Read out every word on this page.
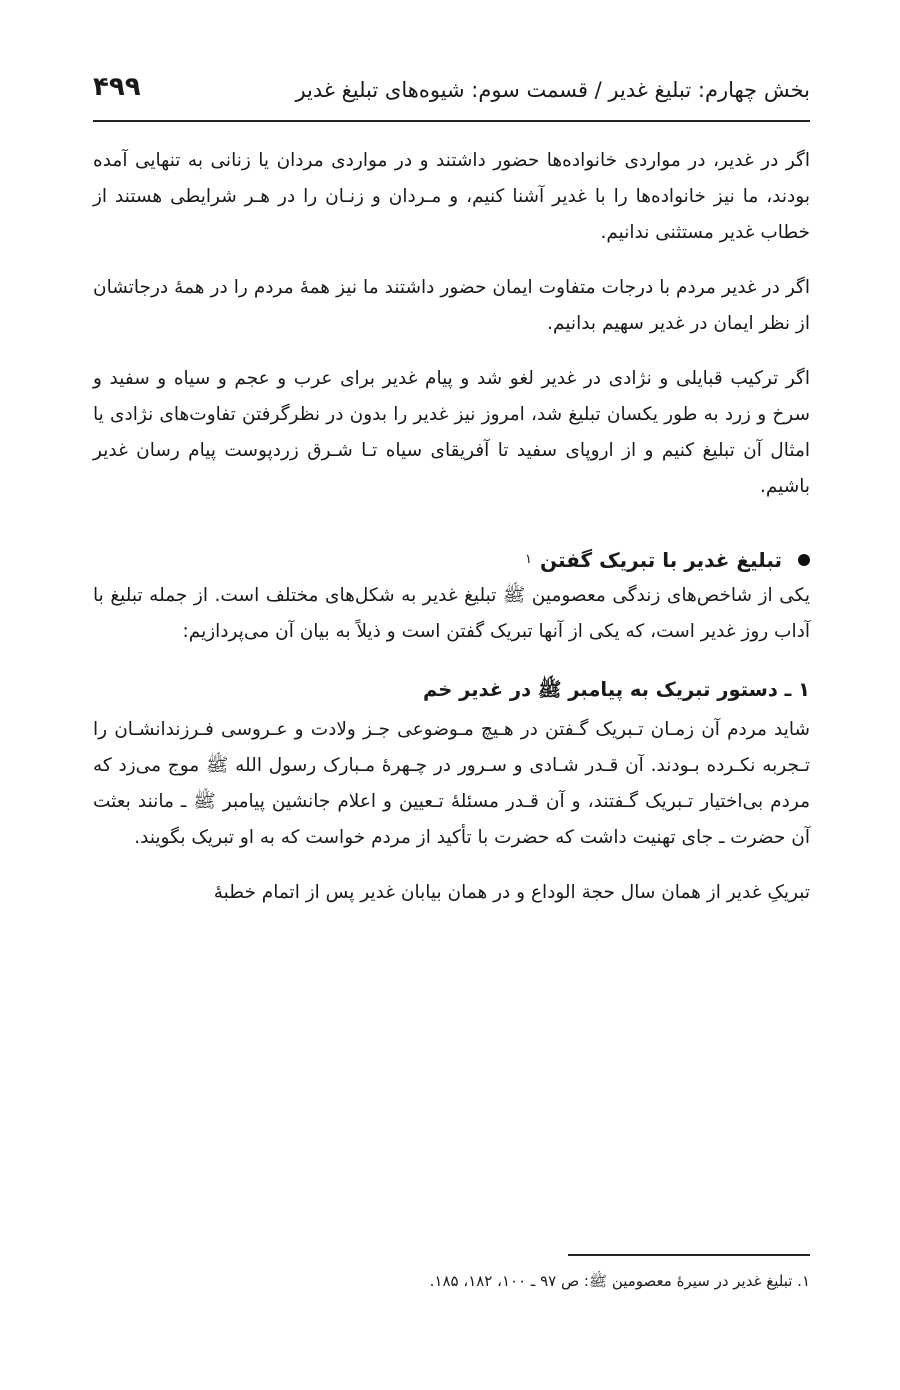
بخش چهارم: تبلیغ غدیر / قسمت سوم: شیوه‌های تبلیغ غدیر
۴۹۹

اگر در غدیر، در مواردی خانواده‌ها حضور داشتند و در مواردی مردان یا زنانی به تنهایی آمده بودند، ما نیز خانواده‌ها را با غدیر آشنا کنیم، و مـردان و زنـان را در هـر شرایطی هستند از خطاب غدیر مستثنی ندانیم.

اگر در غدیر مردم با درجات متفاوت ایمان حضور داشتند ما نیز همهٔ مردم را در همهٔ درجاتشان از نظر ایمان در غدیر سهیم بدانیم.

اگر ترکیب قبایلی و نژادی در غدیر لغو شد و پیام غدیر برای عرب و عجم و سیاه و سفید و سرخ و زرد به طور یکسان تبلیغ شد، امروز نیز غدیر را بدون در نظرگرفتن تفاوت‌های نژادی یا امثال آن تبلیغ کنیم و از اروپای سفید تا آفریقای سیاه تـا شـرق زردپوست پیام رسان غدیر باشیم.

تبلیغ غدیر با تبریک گفتن
۱

یکی از شاخص‌های زندگی معصومین ﷺ تبلیغ غدیر به شکل‌های مختلف است. از جمله تبلیغ با آداب روز غدیر است، که یکی از آنها تبریک گفتن است و ذیلاً به بیان آن می‌پردازیم:

۱ ـ دستور تبریک به پیامبر ﷺ در غدیر خم

شاید مردم آن زمـان تـبریک گـفتن در هـیچ مـوضوعی جـز ولادت و عـروسی فـرزندانشـان را تـجربه نکـرده بـودند. آن قـدر شـادی و سـرور در چـهرهٔ مـبارک رسول الله ﷺ موج می‌زد که مردم بی‌اختیار تـبریک گـفتند، و آن قـدر مسئلهٔ تـعیین و اعلام جانشین پیامبر ﷺ ـ مانند بعثت آن حضرت ـ جای تهنیت داشت که حضرت با تأکید از مردم خواست که به او تبریک بگویند.

تبریکِ غدیر از همان سال حجة الوداع و در همان بیابان غدیر پس از اتمام خطبهٔ

۱. تبلیغ غدیر در سیرهٔ معصومین ﷺ: ص ۹۷ ـ ۱۰۰، ۱۸۲، ۱۸۵.
